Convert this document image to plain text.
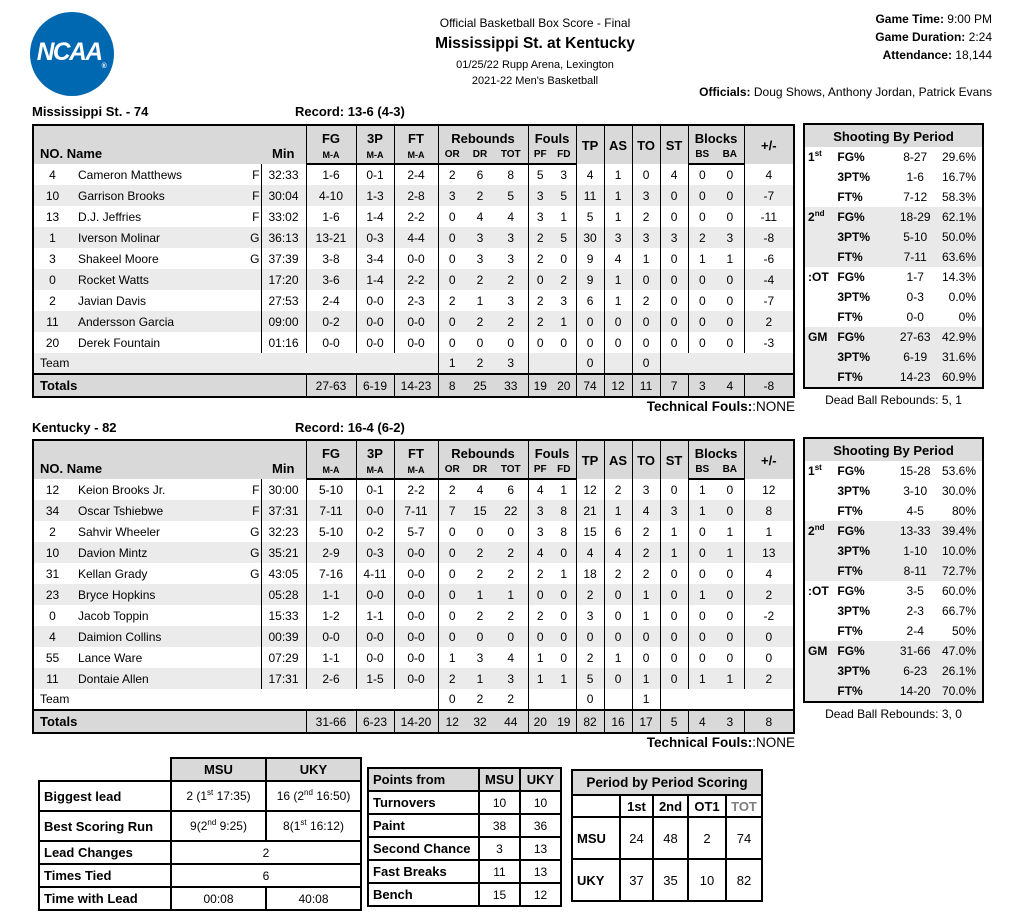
$NCAA_®$
Official Basketball Box Score - Final
Mississippi St. at Kentucky
01/25/22 Rupp Arena, Lexington
2021-22 Men's Basketball
Game Time: 9:00 PM
Game Duration: 2:24
Attendance: 18,144
Officials: Doug Shows, Anthony Jordan, Patrick Evans
Mississippi St. - 74	Record: 13-6 (4-3)
NO. Name			Min	FG	3P	FT	Rebounds			Fouls		TP	AS	TO	ST	Blocks		+/-
				M-A	M-A	M-A	OR	DR	TOT	PF	FD					BS	BA	
4	Cameron Matthews	F	32:33	1-6	0-1	2-4	2	6	8	5	3	4	1	0	4	0	0	4
10	Garrison Brooks	F	30:04	4-10	1-3	2-8	3	2	5	3	5	11	1	3	0	0	0	-7
13	D.J. Jeffries	F	33:02	1-6	1-4	2-2	0	4	4	3	1	5	1	2	0	0	0	-11
1	Iverson Molinar	G	36:13	13-21	0-3	4-4	0	3	3	2	5	30	3	3	3	2	3	-8
3	Shakeel Moore	G	37:39	3-8	3-4	0-0	0	3	3	2	0	9	4	1	0	1	1	-6
0	Rocket Watts		17:20	3-6	1-4	2-2	0	2	2	0	2	9	1	0	0	0	0	-4
2	Javian Davis		27:53	2-4	0-0	2-3	2	1	3	2	3	6	1	2	0	0	0	-7
11	Andersson Garcia		09:00	0-2	0-0	0-0	0	2	2	2	1	0	0	0	0	0	0	2
20	Derek Fountain		01:16	0-0	0-0	0-0	0	0	0	0	0	0	0	0	0	0	0	-3
Team							1	2	3			0		0				
Totals				27-63	6-19	14-23	8	25	33	19	20	74	12	11	7	3	4	-8
Technical Fouls::NONE
Shooting By Period			
1st	FG%	8-27	29.6%
	3PT%	1-6	16.7%
	FT%	7-12	58.3%
2nd	FG%	18-29	62.1%
	3PT%	5-10	50.0%
	FT%	7-11	63.6%
:OT	FG%	1-7	14.3%
	3PT%	0-3	0.0%
	FT%	0-0	0%
GM	FG%	27-63	42.9%
	3PT%	6-19	31.6%
	FT%	14-23	60.9%
Dead Ball Rebounds: 5, 1
Kentucky - 82	Record: 16-4 (6-2)
NO. Name			Min	FG	3P	FT	Rebounds			Fouls		TP	AS	TO	ST	Blocks		+/-
				M-A	M-A	M-A	OR	DR	TOT	PF	FD					BS	BA	
12	Keion Brooks Jr.	F	30:00	5-10	0-1	2-2	2	4	6	4	1	12	2	3	0	1	0	12
34	Oscar Tshiebwe	F	37:31	7-11	0-0	7-11	7	15	22	3	8	21	1	4	3	1	0	8
2	Sahvir Wheeler	G	32:23	5-10	0-2	5-7	0	0	0	3	8	15	6	2	1	0	1	1
10	Davion Mintz	G	35:21	2-9	0-3	0-0	0	2	2	4	0	4	4	2	1	0	1	13
31	Kellan Grady	G	43:05	7-16	4-11	0-0	0	2	2	2	1	18	2	2	0	0	0	4
23	Bryce Hopkins		05:28	1-1	0-0	0-0	0	1	1	0	0	2	0	1	0	1	0	2
0	Jacob Toppin		15:33	1-2	1-1	0-0	0	2	2	2	0	3	0	1	0	0	0	-2
4	Daimion Collins		00:39	0-0	0-0	0-0	0	0	0	0	0	0	0	0	0	0	0	0
55	Lance Ware		07:29	1-1	0-0	0-0	1	3	4	1	0	2	1	0	0	0	0	0
11	Dontaie Allen		17:31	2-6	1-5	0-0	2	1	3	1	1	5	0	1	0	1	1	2
Team							0	2	2			0		1				
Totals				31-66	6-23	14-20	12	32	44	20	19	82	16	17	5	4	3	8
Technical Fouls::NONE
Shooting By Period			
1st	FG%	15-28	53.6%
	3PT%	3-10	30.0%
	FT%	4-5	80%
2nd	FG%	13-33	39.4%
	3PT%	1-10	10.0%
	FT%	8-11	72.7%
:OT	FG%	3-5	60.0%
	3PT%	2-3	66.7%
	FT%	2-4	50%
GM	FG%	31-66	47.0%
	3PT%	6-23	26.1%
	FT%	14-20	70.0%
Dead Ball Rebounds: 3, 0
	MSU	UKY
Biggest lead	2 (1st 17:35)	16 (2nd 16:50)
Best Scoring Run	9(2nd 9:25)	8(1st 16:12)
Lead Changes	2	
Times Tied	6	
Time with Lead	00:08	40:08
Points from	MSU	UKY
Turnovers	10	10
Paint	38	36
Second Chance	3	13
Fast Breaks	11	13
Bench	15	12
Period by Period Scoring				
	1st	2nd	OT1	TOT
MSU	24	48	2	74
UKY	37	35	10	82
